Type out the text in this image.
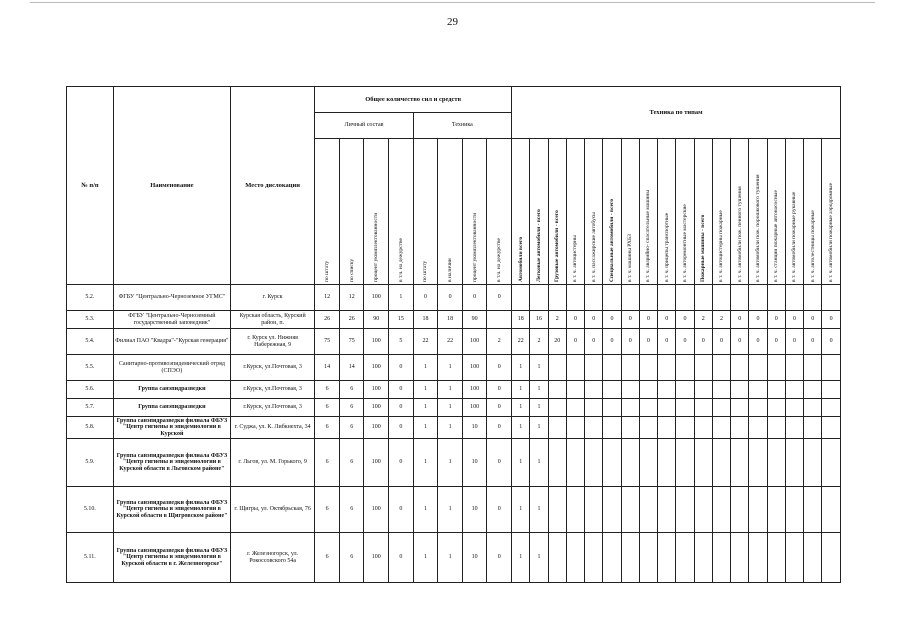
29
№ п/п	Наименование	Место дислокации	Общее количество сил и средств								Техника по типам																	
			Личный состав				Техника																					

			по штату	по списку	процент укомплектованности	в т.ч. на дежурстве	по штату	в наличии	процент укомплектованности	в т.ч. на дежурстве	Автомобили всего	Легковые автомобили - всего	Грузовые автомобили - всего	в т. ч. автоцистерны	в т. ч. пассажирские автобусы	Специальные автомобили - всего	в т. ч. машины РХБЗ	в т. ч. аварийно- спасательные машины	в т. ч. прицепы транспортные	в т. ч. авторемонтные мастерские	Пожарные машины - всего	в т. ч. автоцистерны пожарные	в т. ч. автомобили пож. пенного тушения	в т. ч. автомобили пож. порошкового тушения	в т. ч. станции пожарные автонасосные	в т. ч. автомобили пожарные рукавные	в т. ч. автолестницы пожарные	в т. ч. автомобили пожарные аэродромные

5.2.	ФГБУ "Центрально-Черноземное УГМС"	г. Курск	12	12	100	1	0	0	0	0																		
5.3.	ФГБУ "Центрально-Черноземный государственный заповедник"	Курская область, Курский район, п.	26	26	90	15	18	18	90		18	16	2	0	0	0	0	0	0	0	2	2	0	0	0	0	0	0
5.4.	Филиал ПАО "Квадра"-"Курская генерация"	г. Курск ул. Нижняя Набережная, 9	75	75	100	5	22	22	100	2	22	2	20	0	0	0	0	0	0	0	0	0	0	0	0	0	0	0
5.5.	Санитарно-противоэпидемический отряд (СПЭО)	г.Курск, ул.Почтовая, 3	14	14	100	0	1	1	100	0	1	1																
5.6.	Группа санэпидразведки	г.Курск, ул.Почтовая, 3	6	6	100	0	1	1	100	0	1	1																
5.7.	Группа санэпидразведки	г.Курск, ул.Почтовая, 3	6	6	100	0	1	1	100	0	1	1																
5.8.	Группа санэпидразведки филиала ФБУЗ "Центр гигиены и эпидемиологии в Курской	г. Суджа, ул. К. Либкнехта, 34	6	6	100	0	1	1	10	0	1	1																
5.9.	Группа санэпидразведки филиала ФБУЗ "Центр гигиены и эпидемиологии в Курской области в Льговском районе"	г. Льгов, ул. М. Горького, 9	6	6	100	0	1	1	10	0	1	1																
5.10.	Группа санэпидразведки филиала ФБУЗ "Центр гигиены и эпидемиологии в Курской области в Щигровском районе"	г. Щигры, ул. Октябрьская, 76	6	6	100	0	1	1	10	0	1	1																
5.11.	Группа санэпидразведки филиала ФБУЗ "Центр гигиены и эпидемиологии в Курской области в г. Железногорске"	г. Железногорск, ул. Рокоссовского 54а	6	6	100	0	1	1	10	0	1	1																
